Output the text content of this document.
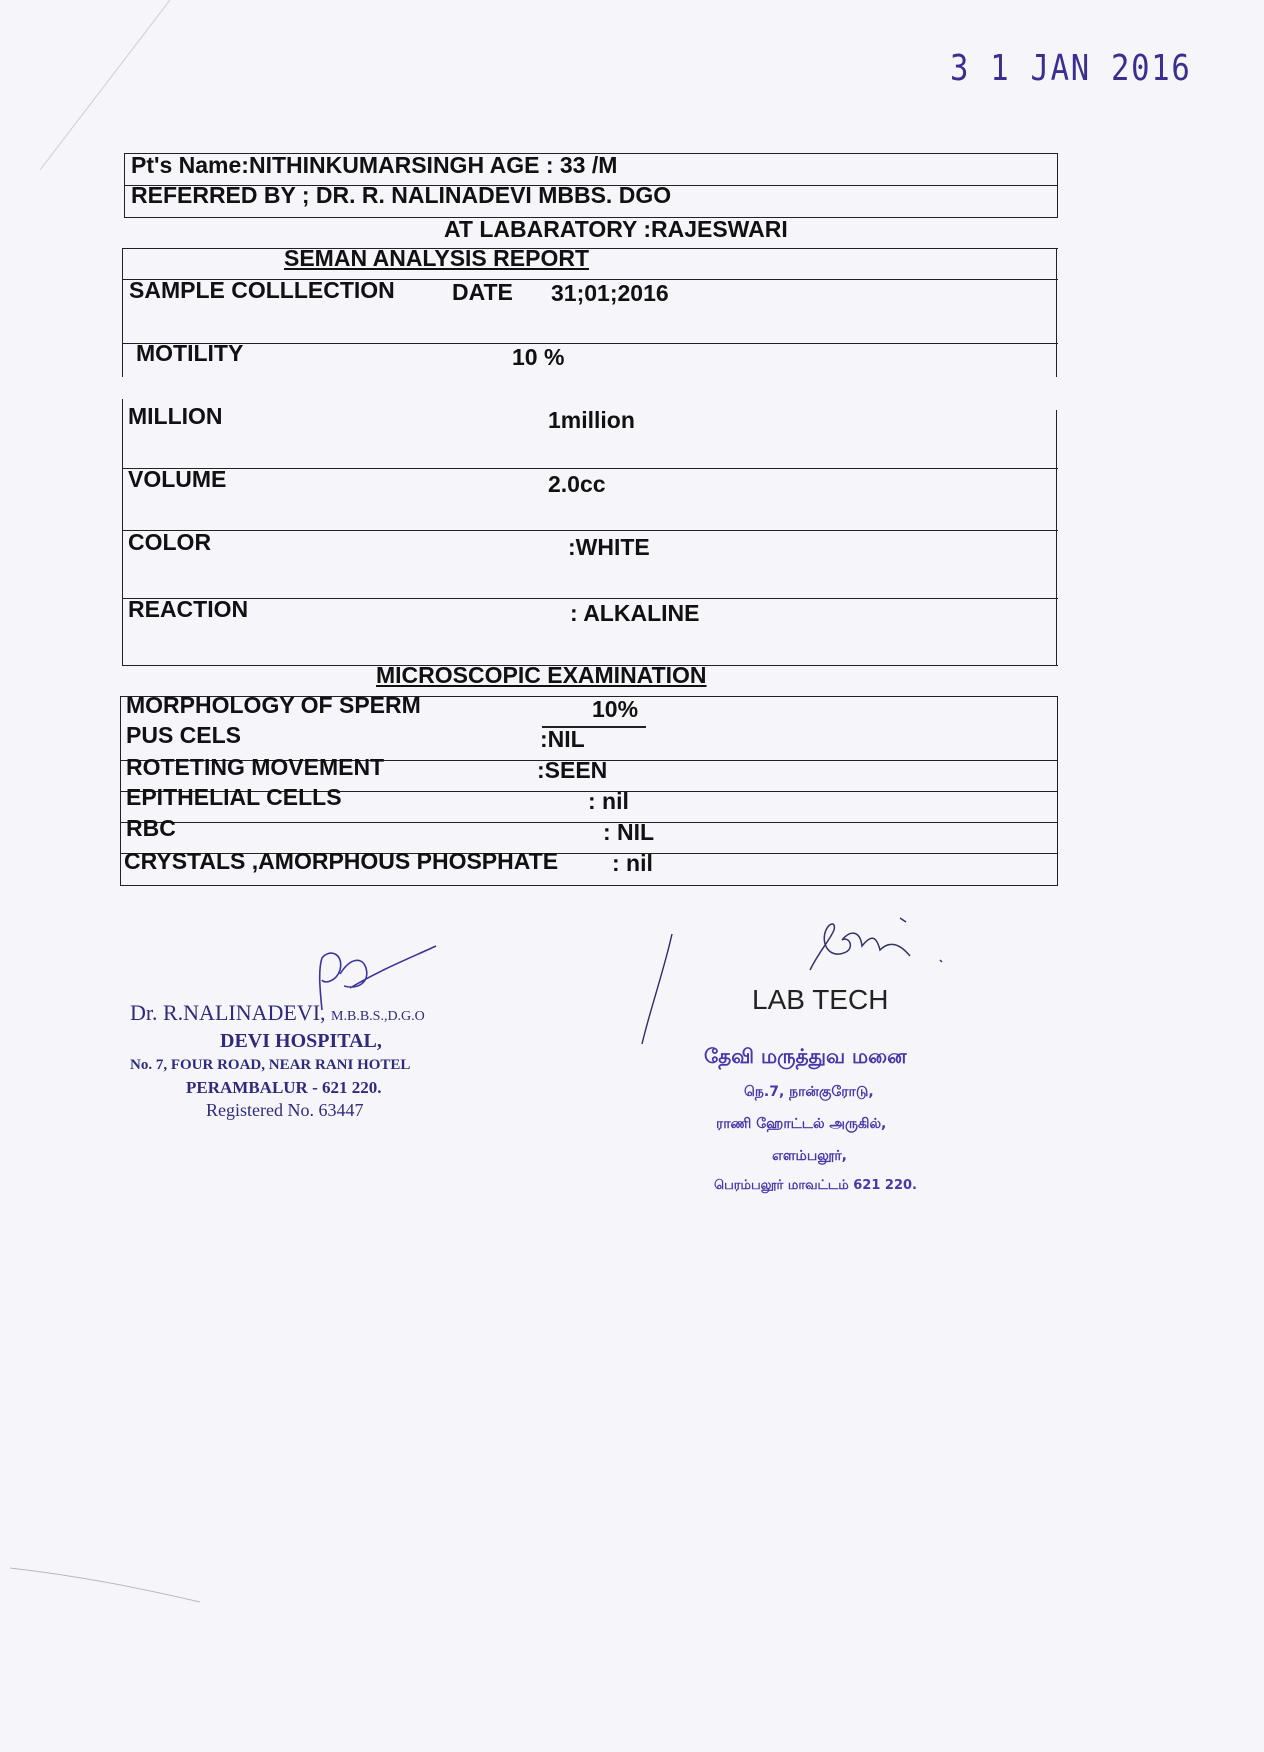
3 1 JAN 2016
Pt's Name:NITHINKUMARSINGH AGE : 33 /M
REFERRED BY ; DR. R. NALINADEVI MBBS. DGO
AT LABARATORY :RAJESWARI
SEMAN ANALYSIS REPORT
SAMPLE COLLLECTION DATE 31;01;2016
MOTILITY	10 %
MILLION	1million
VOLUME	2.0cc
COLOR	:WHITE
REACTION	: ALKALINE
MICROSCOPIC EXAMINATION
MORPHOLOGY OF SPERM	10%
PUS CELS	:NIL
ROTETING MOVEMENT	:SEEN
EPITHELIAL CELLS	: nil
RBC	: NIL
CRYSTALS ,AMORPHOUS PHOSPHATE : nil
Dr. R.NALINADEVI, M.B.B.S.,D.G.O
DEVI HOSPITAL,
No. 7, FOUR ROAD, NEAR RANI HOTEL
PERAMBALUR - 621 220.
Registered No. 63447
LAB TECH
தேவி மருத்துவ மனை
நெ.7, நான்குரோடு,
ராணி ஹோட்டல் அருகில்,
எளம்பலூர்,
பெரம்பலூர் மாவட்டம் 621 220.
